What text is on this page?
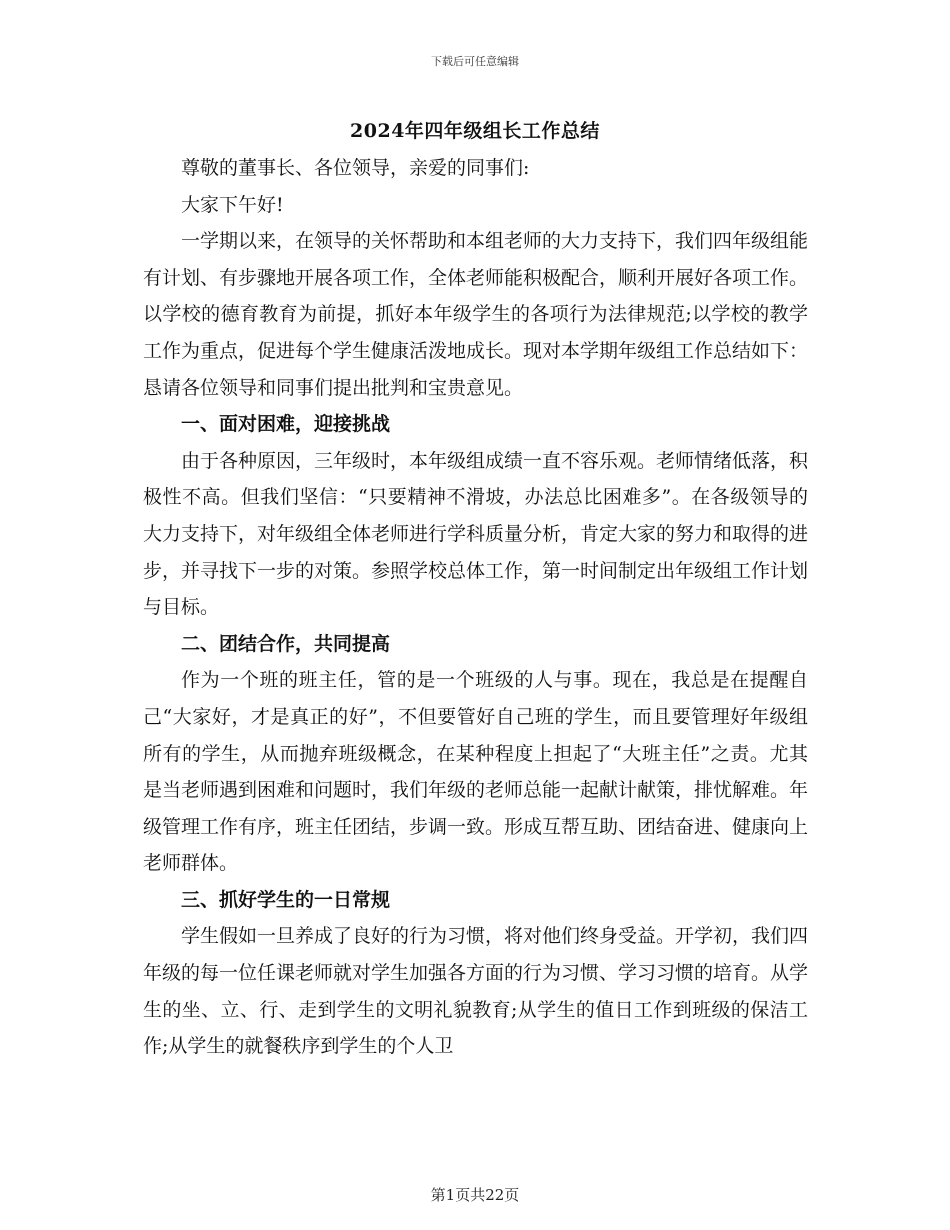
下载后可任意编辑
2024年四年级组长工作总结

尊敬的董事长、各位领导，亲爱的同事们:

大家下午好!

一学期以来，在领导的关怀帮助和本组老师的大力支持下，我们四年级组能有计划、有步骤地开展各项工作，全体老师能积极配合，顺利开展好各项工作。以学校的德育教育为前提，抓好本年级学生的各项行为法律规范;以学校的教学工作为重点，促进每个学生健康活泼地成长。现对本学期年级组工作总结如下：恳请各位领导和同事们提出批判和宝贵意见。

一、面对困难，迎接挑战

由于各种原因，三年级时，本年级组成绩一直不容乐观。老师情绪低落，积极性不高。但我们坚信：“只要精神不滑坡，办法总比困难多”。在各级领导的大力支持下，对年级组全体老师进行学科质量分析，肯定大家的努力和取得的进步，并寻找下一步的对策。参照学校总体工作，第一时间制定出年级组工作计划与目标。

二、团结合作，共同提高

作为一个班的班主任，管的是一个班级的人与事。现在，我总是在提醒自己“大家好，才是真正的好”，不但要管好自己班的学生，而且要管理好年级组所有的学生，从而抛弃班级概念，在某种程度上担起了“大班主任”之责。尤其是当老师遇到困难和问题时，我们年级的老师总能一起献计献策，排忧解难。年级管理工作有序，班主任团结，步调一致。形成互帮互助、团结奋进、健康向上老师群体。

三、抓好学生的一日常规

学生假如一旦养成了良好的行为习惯，将对他们终身受益。开学初，我们四年级的每一位任课老师就对学生加强各方面的行为习惯、学习习惯的培育。从学生的坐、立、行、走到学生的文明礼貌教育;从学生的值日工作到班级的保洁工作;从学生的就餐秩序到学生的个人卫

第1页共22页
